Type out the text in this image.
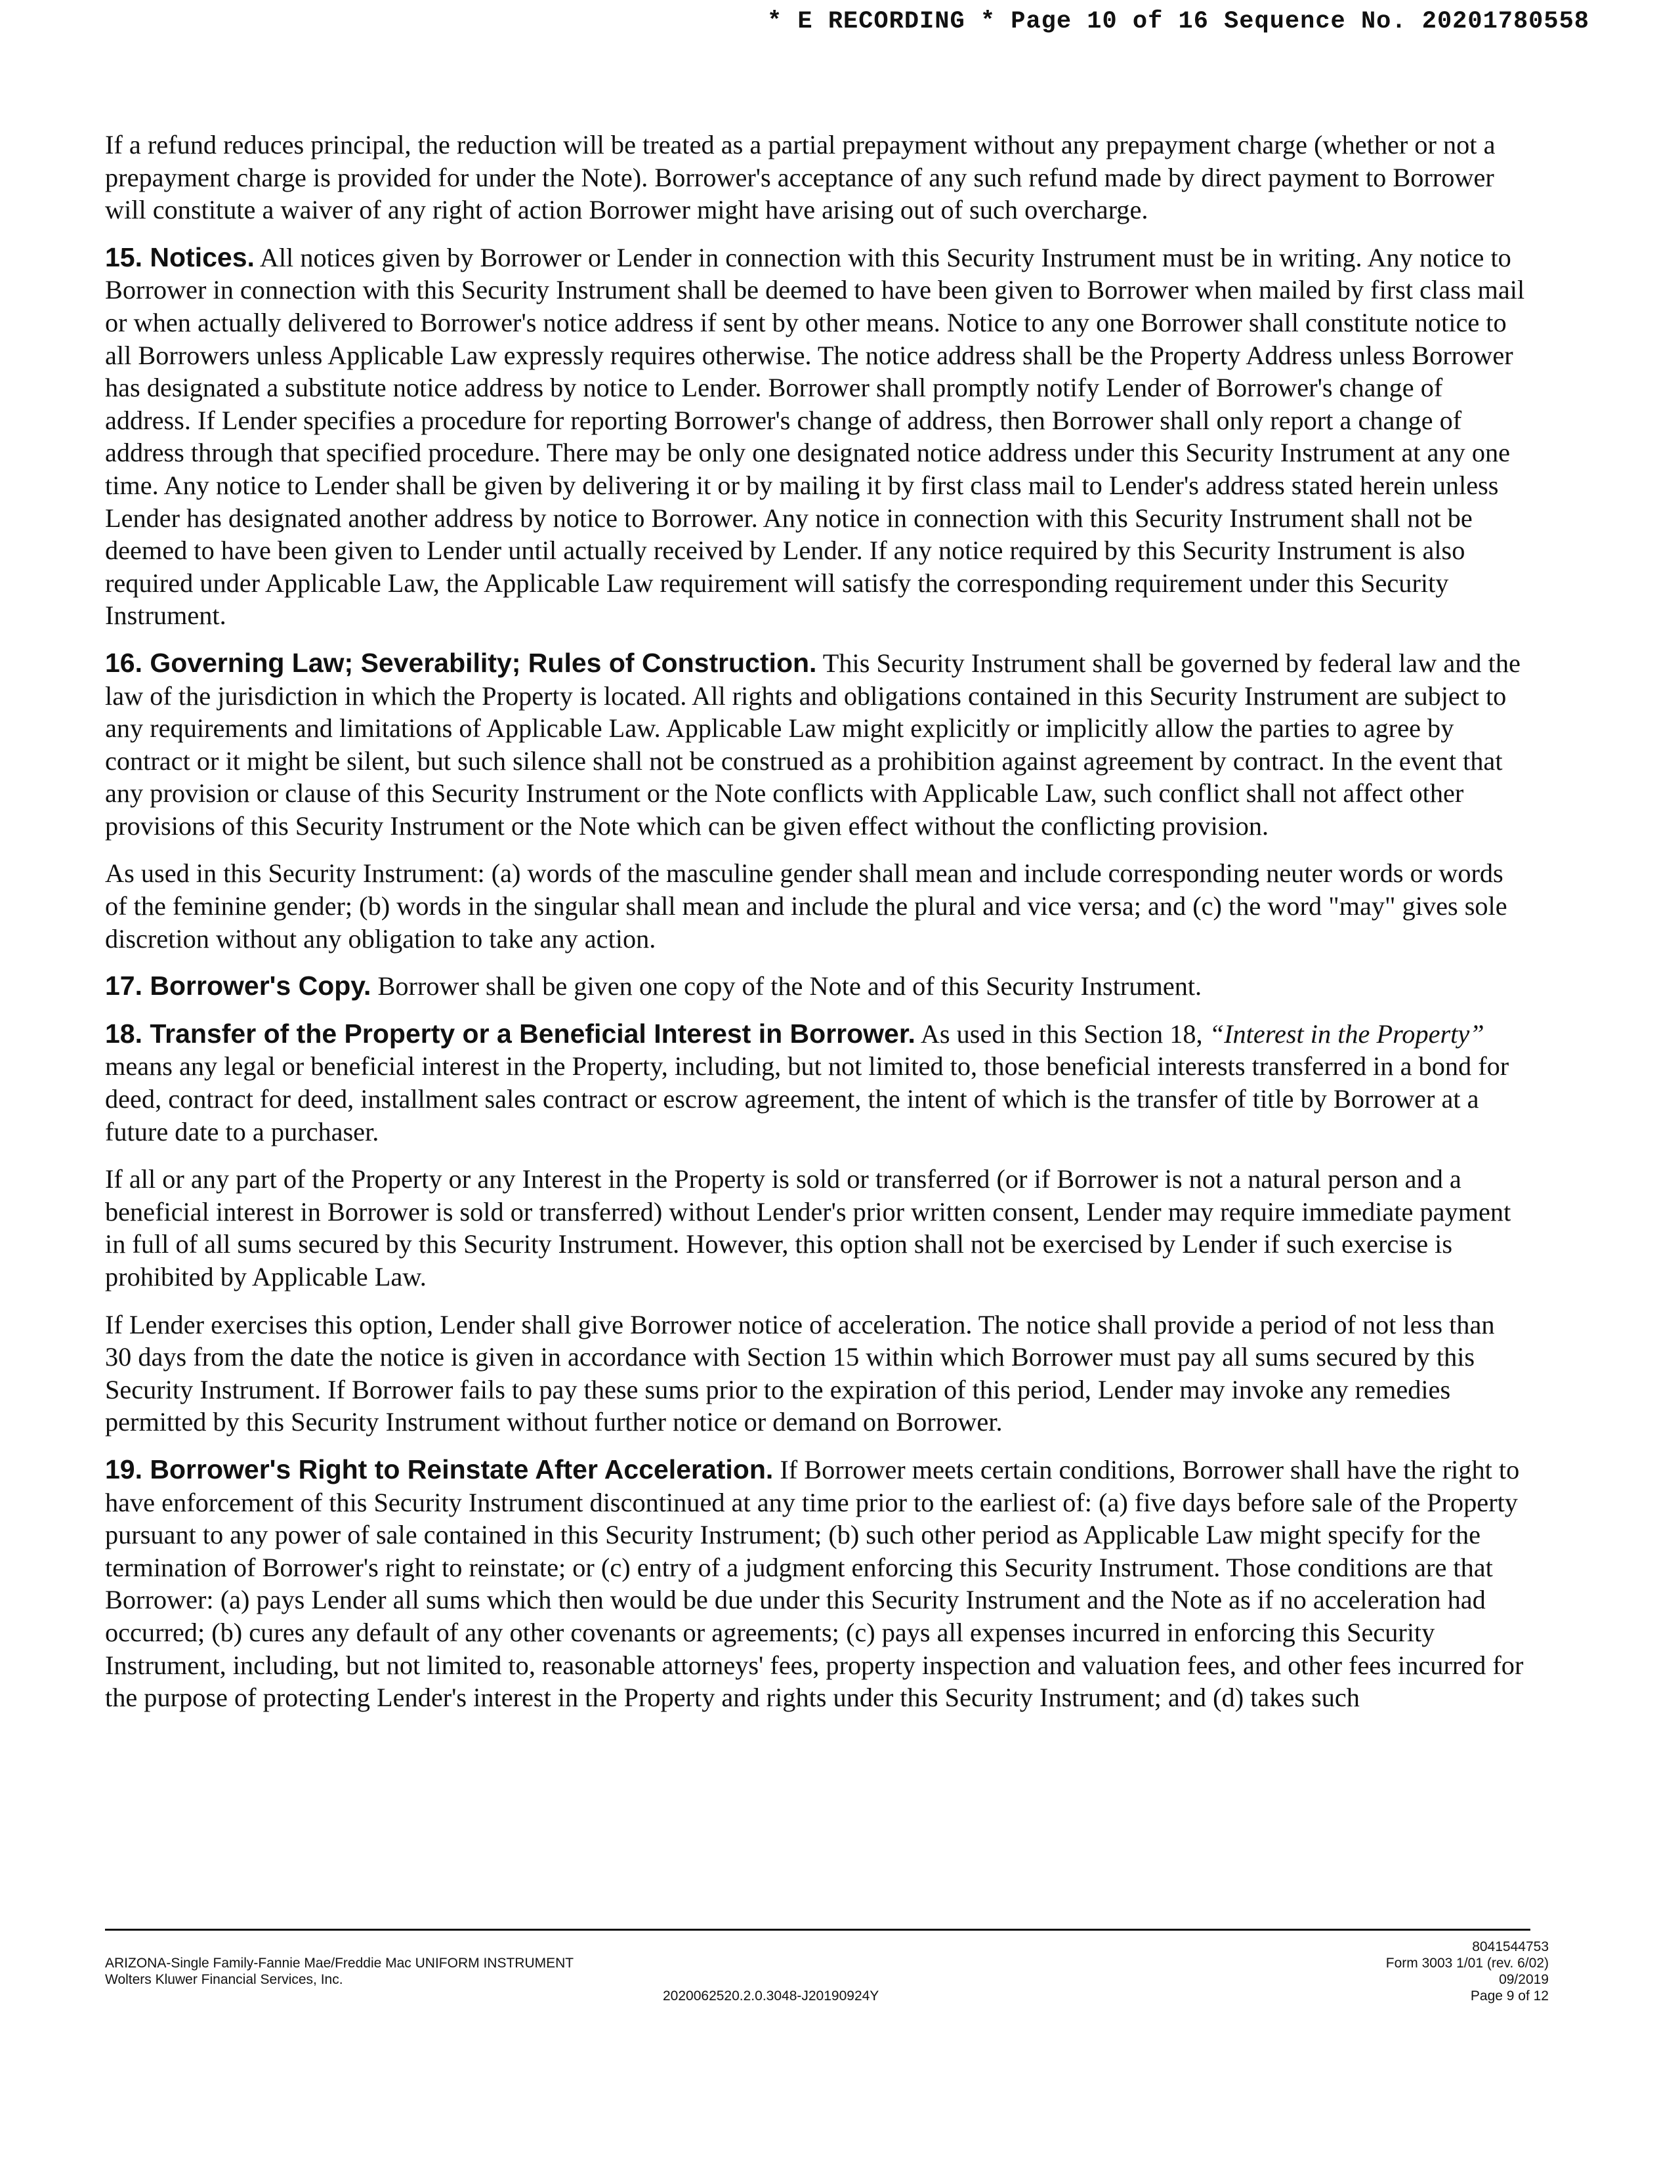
* E RECORDING * Page 10 of 16 Sequence No. 20201780558

If a refund reduces principal, the reduction will be treated as a partial prepayment without any prepayment charge (whether or not a prepayment charge is provided for under the Note). Borrower's acceptance of any such refund made by direct payment to Borrower will constitute a waiver of any right of action Borrower might have arising out of such overcharge.

15. Notices. All notices given by Borrower or Lender in connection with this Security Instrument must be in writing. Any notice to Borrower in connection with this Security Instrument shall be deemed to have been given to Borrower when mailed by first class mail or when actually delivered to Borrower's notice address if sent by other means. Notice to any one Borrower shall constitute notice to all Borrowers unless Applicable Law expressly requires otherwise. The notice address shall be the Property Address unless Borrower has designated a substitute notice address by notice to Lender. Borrower shall promptly notify Lender of Borrower's change of address. If Lender specifies a procedure for reporting Borrower's change of address, then Borrower shall only report a change of address through that specified procedure. There may be only one designated notice address under this Security Instrument at any one time. Any notice to Lender shall be given by delivering it or by mailing it by first class mail to Lender's address stated herein unless Lender has designated another address by notice to Borrower. Any notice in connection with this Security Instrument shall not be deemed to have been given to Lender until actually received by Lender. If any notice required by this Security Instrument is also required under Applicable Law, the Applicable Law requirement will satisfy the corresponding requirement under this Security Instrument.

16. Governing Law; Severability; Rules of Construction. This Security Instrument shall be governed by federal law and the law of the jurisdiction in which the Property is located. All rights and obligations contained in this Security Instrument are subject to any requirements and limitations of Applicable Law. Applicable Law might explicitly or implicitly allow the parties to agree by contract or it might be silent, but such silence shall not be construed as a prohibition against agreement by contract. In the event that any provision or clause of this Security Instrument or the Note conflicts with Applicable Law, such conflict shall not affect other provisions of this Security Instrument or the Note which can be given effect without the conflicting provision.

As used in this Security Instrument: (a) words of the masculine gender shall mean and include corresponding neuter words or words of the feminine gender; (b) words in the singular shall mean and include the plural and vice versa; and (c) the word "may" gives sole discretion without any obligation to take any action.

17. Borrower's Copy. Borrower shall be given one copy of the Note and of this Security Instrument.

18. Transfer of the Property or a Beneficial Interest in Borrower. As used in this Section 18, “Interest in the Property” means any legal or beneficial interest in the Property, including, but not limited to, those beneficial interests transferred in a bond for deed, contract for deed, installment sales contract or escrow agreement, the intent of which is the transfer of title by Borrower at a future date to a purchaser.

If all or any part of the Property or any Interest in the Property is sold or transferred (or if Borrower is not a natural person and a beneficial interest in Borrower is sold or transferred) without Lender's prior written consent, Lender may require immediate payment in full of all sums secured by this Security Instrument. However, this option shall not be exercised by Lender if such exercise is prohibited by Applicable Law.

If Lender exercises this option, Lender shall give Borrower notice of acceleration. The notice shall provide a period of not less than 30 days from the date the notice is given in accordance with Section 15 within which Borrower must pay all sums secured by this Security Instrument. If Borrower fails to pay these sums prior to the expiration of this period, Lender may invoke any remedies permitted by this Security Instrument without further notice or demand on Borrower.

19. Borrower's Right to Reinstate After Acceleration. If Borrower meets certain conditions, Borrower shall have the right to have enforcement of this Security Instrument discontinued at any time prior to the earliest of: (a) five days before sale of the Property pursuant to any power of sale contained in this Security Instrument; (b) such other period as Applicable Law might specify for the termination of Borrower's right to reinstate; or (c) entry of a judgment enforcing this Security Instrument. Those conditions are that Borrower: (a) pays Lender all sums which then would be due under this Security Instrument and the Note as if no acceleration had occurred; (b) cures any default of any other covenants or agreements; (c) pays all expenses incurred in enforcing this Security Instrument, including, but not limited to, reasonable attorneys' fees, property inspection and valuation fees, and other fees incurred for the purpose of protecting Lender's interest in the Property and rights under this Security Instrument; and (d) takes such

ARIZONA-Single Family-Fannie Mae/Freddie Mac UNIFORM INSTRUMENT
Wolters Kluwer Financial Services, Inc.
2020062520.2.0.3048-J20190924Y
8041544753
Form 3003 1/01 (rev. 6/02)
09/2019
Page 9 of 12
